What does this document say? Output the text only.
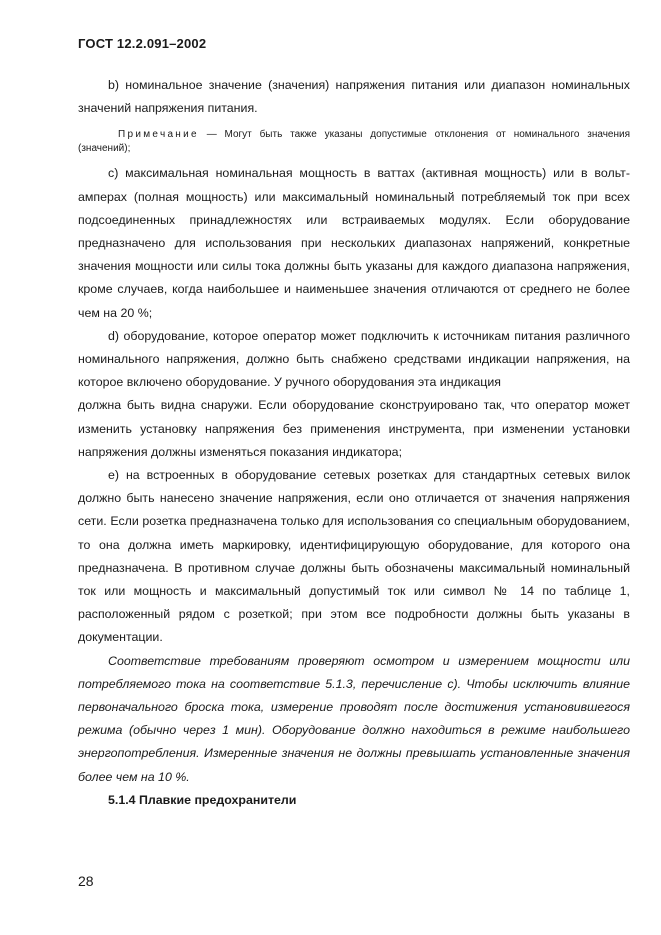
ГОСТ 12.2.091–2002

b) номинальное значение (значения) напряжения питания или диапазон номинальных значений напряжения питания.

Примечание — Могут быть также указаны допустимые отклонения от номинального значения (значений);

c) максимальная номинальная мощность в ваттах (активная мощность) или в вольт-амперах (полная мощность) или максимальный номинальный потребляемый ток при всех подсоединенных принадлежностях или встраиваемых модулях. Если оборудование предназначено для использования при нескольких диапазонах напряжений, конкретные значения мощности или силы тока должны быть указаны для каждого диапазона напряжения, кроме случаев, когда наибольшее и наименьшее значения отличаются от среднего не более чем на 20 %;

d) оборудование, которое оператор может подключить к источникам питания различного номинального напряжения, должно быть снабжено средствами индикации напряжения, на которое включено оборудование. У ручного оборудования эта индикация

должна быть видна снаружи. Если оборудование сконструировано так, что оператор может изменить установку напряжения без применения инструмента, при изменении установки напряжения должны изменяться показания индикатора;

e) на встроенных в оборудование сетевых розетках для стандартных сетевых вилок должно быть нанесено значение напряжения, если оно отличается от значения напряжения сети. Если розетка предназначена только для использования со специальным оборудованием, то она должна иметь маркировку, идентифицирующую оборудование, для которого она предназначена. В противном случае должны быть обозначены максимальный номинальный ток или мощность и максимальный допустимый ток или символ № 14 по таблице 1, расположенный рядом с розеткой; при этом все подробности должны быть указаны в документации.

Соответствие требованиям проверяют осмотром и измерением мощности или потребляемого тока на соответствие 5.1.3, перечисление c). Чтобы исключить влияние первоначального броска тока, измерение проводят после достижения установившегося режима (обычно через 1 мин). Оборудование должно находиться в режиме наибольшего энергопотребления. Измеренные значения не должны превышать установленные значения более чем на 10 %.

5.1.4 Плавкие предохранители
28
